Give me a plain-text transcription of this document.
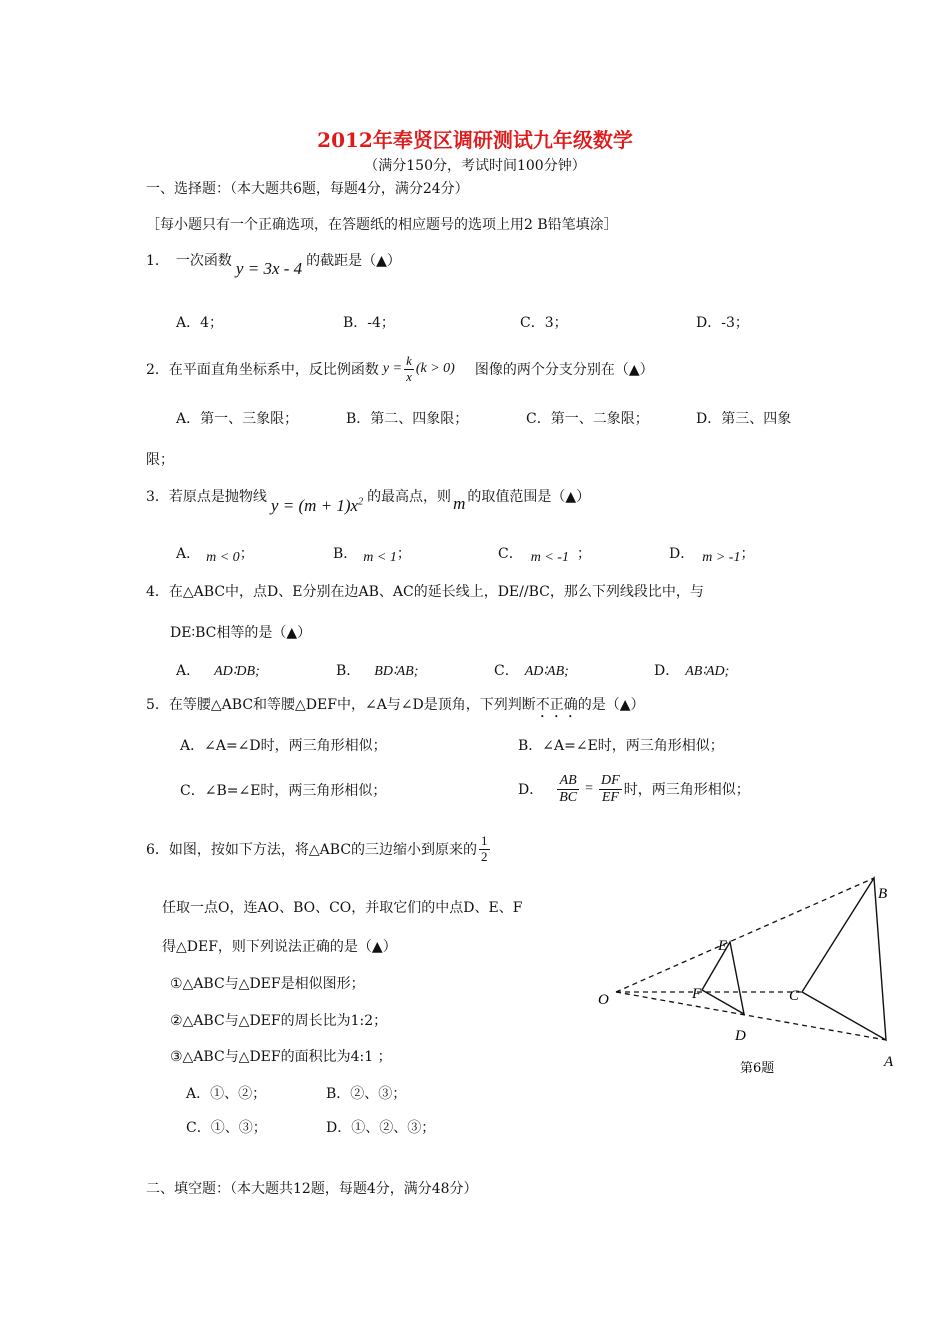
2012年奉贤区调研测试九年级数学
（满分150分，考试时间100分钟）
一、选择题：（本大题共6题，每题4分，满分24分）
［每小题只有一个正确选项，在答题纸的相应题号的选项上用2 B铅笔填涂］
1．　一次函数 y = 3x - 4 的截距是（▲）
A．4；	B．-4；	C．3；	D．-3；
2．在平面直角坐标系中，反比例函数 $y = \frac{k}{x} (k > 0)$ 图像的两个分支分别在（▲）
A．第一、三象限；	B．第二、四象限；	C．第一、二象限；	D．第三、四象
限；
3．若原点是抛物线 $y = (m + 1)x^2$ 的最高点，则 m 的取值范围是（▲）
A． m < 0；	B． m < 1；	C． m < -1 ；	D． m > -1；
4．在△ABC中，点D、E分别在边AB、AC的延长线上，DE//BC，那么下列线段比中，与
DE∶BC相等的是（▲）
A． AD∶DB;	B． BD∶AB;	C． AD∶AB;	D． AB∶AD;
5．在等腰△ABC和等腰△DEF中，∠A与∠D是顶角，下列判断不正确的是（▲）
A．∠A=∠D时，两三角形相似；	B．∠A=∠E时，两三角形相似；
C．∠B=∠E时，两三角形相似；	D． $\frac{AB}{BC} = \frac{DF}{EF}$ 时，两三角形相似；
6．如图，按如下方法，将△ABC的三边缩小到原来的 $\frac{1}{2}$
任取一点O，连AO、BO、CO，并取它们的中点D、E、F
得△DEF，则下列说法正确的是（▲）
①△ABC与△DEF是相似图形；
②△ABC与△DEF的周长比为1:2；
③△ABC与△DEF的面积比为4:1 ；
A．①、②；	B．②、③；
C．①、③；	D．①、②、③；
O
A
B
C
D
E
F
第6题
二、填空题：（本大题共12题，每题4分，满分48分）
